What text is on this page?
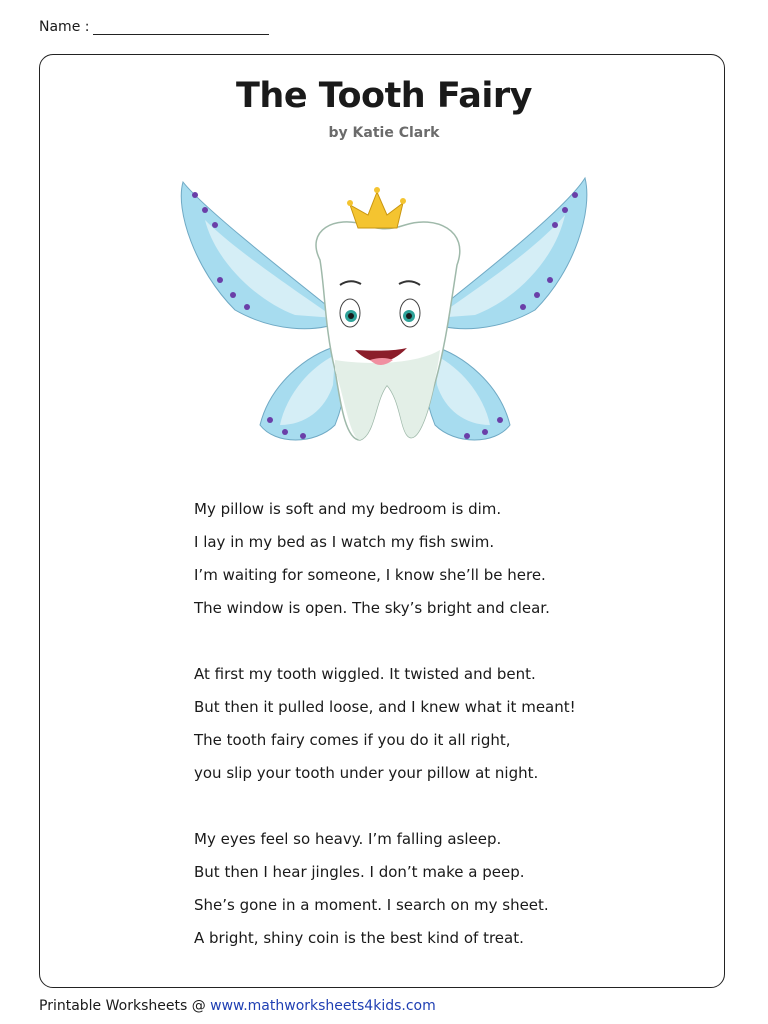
Name :
The Tooth Fairy
by Katie Clark
My pillow is soft and my bedroom is dim.
I lay in my bed as I watch my fish swim.
I’m waiting for someone, I know she’ll be here.
The window is open. The sky’s bright and clear.
At first my tooth wiggled. It twisted and bent.
But then it pulled loose, and I knew what it meant!
The tooth fairy comes if you do it all right,
you slip your tooth under your pillow at night.
My eyes feel so heavy. I’m falling asleep.
But then I hear jingles. I don’t make a peep.
She’s gone in a moment. I search on my sheet.
A bright, shiny coin is the best kind of treat.
Printable Worksheets @ www.mathworksheets4kids.com
